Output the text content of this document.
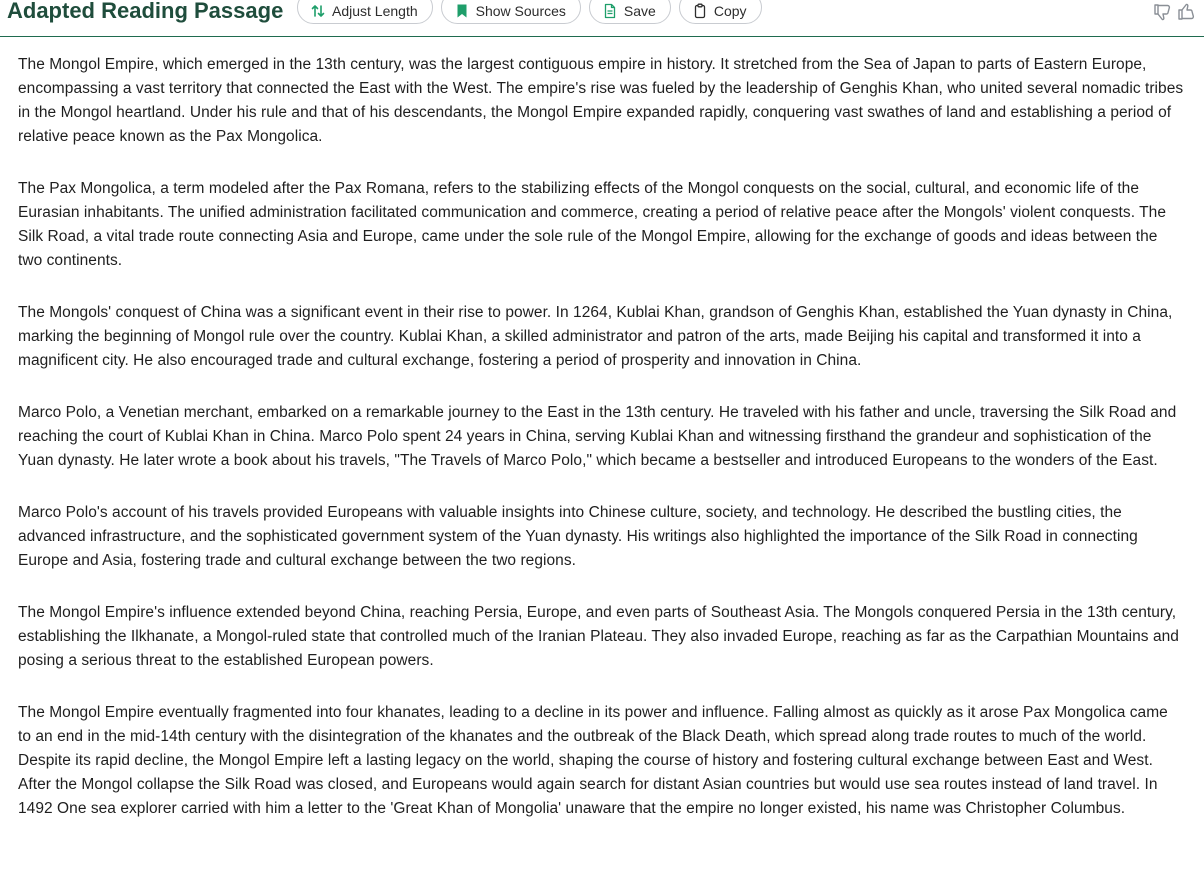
Adapted Reading Passage	Adjust Length	Show Sources	Save	Copy

The Mongol Empire, which emerged in the 13th century, was the largest contiguous empire in history. It stretched from the Sea of Japan to parts of Eastern Europe, encompassing a vast territory that connected the East with the West. The empire's rise was fueled by the leadership of Genghis Khan, who united several nomadic tribes in the Mongol heartland. Under his rule and that of his descendants, the Mongol Empire expanded rapidly, conquering vast swathes of land and establishing a period of relative peace known as the Pax Mongolica.

The Pax Mongolica, a term modeled after the Pax Romana, refers to the stabilizing effects of the Mongol conquests on the social, cultural, and economic life of the Eurasian inhabitants. The unified administration facilitated communication and commerce, creating a period of relative peace after the Mongols' violent conquests. The Silk Road, a vital trade route connecting Asia and Europe, came under the sole rule of the Mongol Empire, allowing for the exchange of goods and ideas between the two continents.

The Mongols' conquest of China was a significant event in their rise to power. In 1264, Kublai Khan, grandson of Genghis Khan, established the Yuan dynasty in China, marking the beginning of Mongol rule over the country. Kublai Khan, a skilled administrator and patron of the arts, made Beijing his capital and transformed it into a magnificent city. He also encouraged trade and cultural exchange, fostering a period of prosperity and innovation in China.

Marco Polo, a Venetian merchant, embarked on a remarkable journey to the East in the 13th century. He traveled with his father and uncle, traversing the Silk Road and reaching the court of Kublai Khan in China. Marco Polo spent 24 years in China, serving Kublai Khan and witnessing firsthand the grandeur and sophistication of the Yuan dynasty. He later wrote a book about his travels, "The Travels of Marco Polo," which became a bestseller and introduced Europeans to the wonders of the East.

Marco Polo's account of his travels provided Europeans with valuable insights into Chinese culture, society, and technology. He described the bustling cities, the advanced infrastructure, and the sophisticated government system of the Yuan dynasty. His writings also highlighted the importance of the Silk Road in connecting Europe and Asia, fostering trade and cultural exchange between the two regions.

The Mongol Empire's influence extended beyond China, reaching Persia, Europe, and even parts of Southeast Asia. The Mongols conquered Persia in the 13th century, establishing the Ilkhanate, a Mongol-ruled state that controlled much of the Iranian Plateau. They also invaded Europe, reaching as far as the Carpathian Mountains and posing a serious threat to the established European powers.

The Mongol Empire eventually fragmented into four khanates, leading to a decline in its power and influence. Falling almost as quickly as it arose Pax Mongolica came to an end in the mid-14th century with the disintegration of the khanates and the outbreak of the Black Death, which spread along trade routes to much of the world. Despite its rapid decline, the Mongol Empire left a lasting legacy on the world, shaping the course of history and fostering cultural exchange between East and West. After the Mongol collapse the Silk Road was closed, and Europeans would again search for distant Asian countries but would use sea routes instead of land travel. In 1492 One sea explorer carried with him a letter to the 'Great Khan of Mongolia' unaware that the empire no longer existed, his name was Christopher Columbus.
